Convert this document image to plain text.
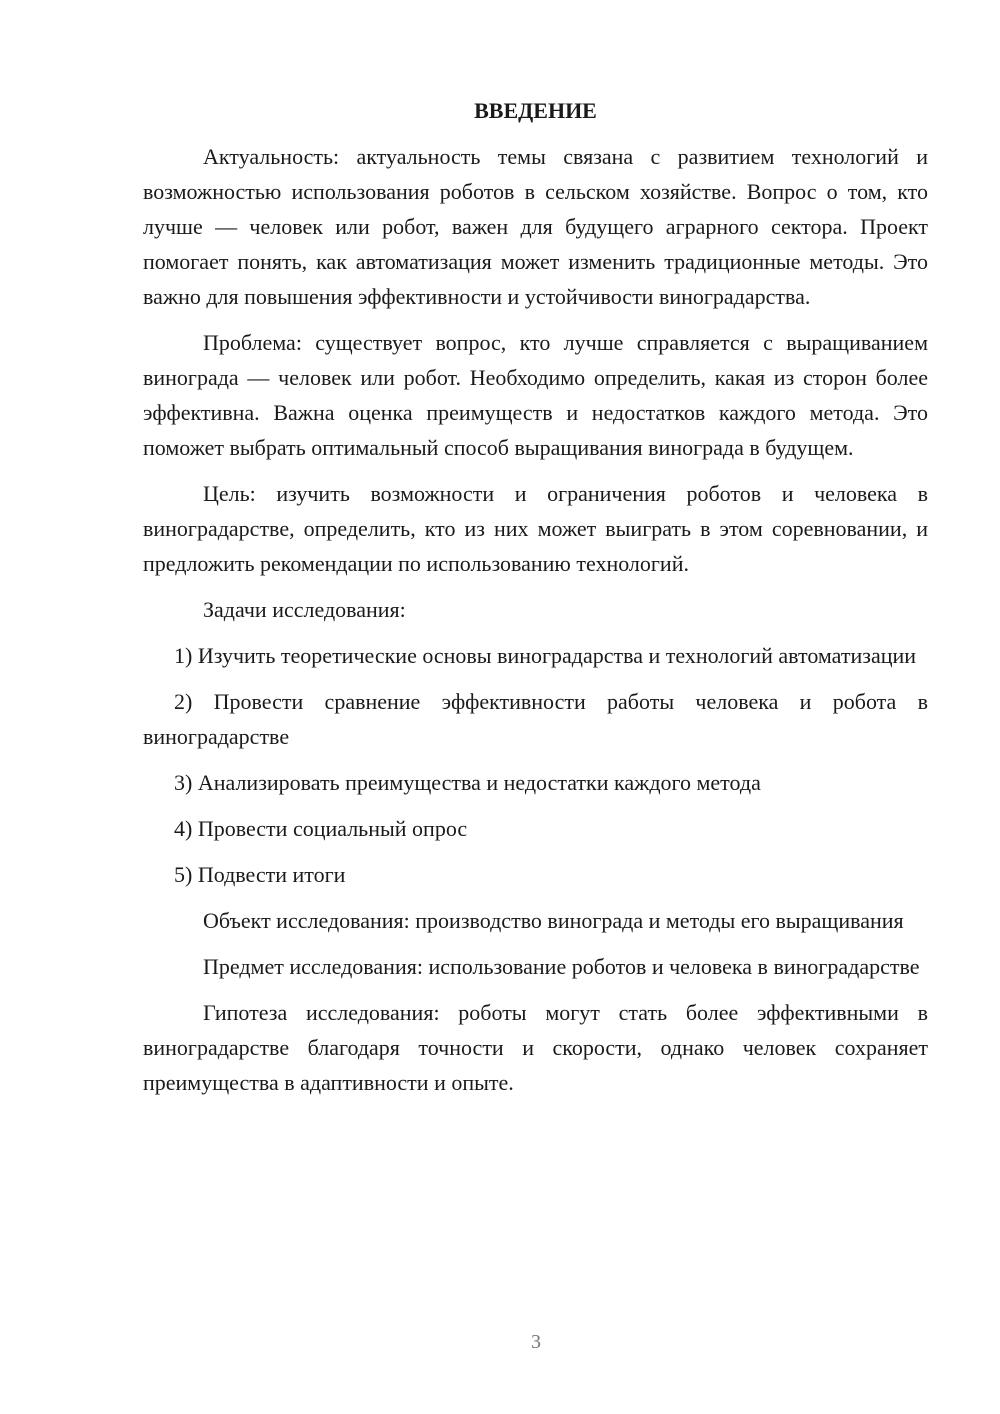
ВВЕДЕНИЕ

Актуальность: актуальность темы связана с развитием технологий и возможностью использования роботов в сельском хозяйстве. Вопрос о том, кто лучше — человек или робот, важен для будущего аграрного сектора. Проект помогает понять, как автоматизация может изменить традиционные методы. Это важно для повышения эффективности и устойчивости виноградарства.

Проблема: существует вопрос, кто лучше справляется с выращиванием винограда — человек или робот. Необходимо определить, какая из сторон более эффективна. Важна оценка преимуществ и недостатков каждого метода. Это поможет выбрать оптимальный способ выращивания винограда в будущем.

Цель: изучить возможности и ограничения роботов и человека в виноградарстве, определить, кто из них может выиграть в этом соревновании, и предложить рекомендации по использованию технологий.

Задачи исследования:

1) Изучить теоретические основы виноградарства и технологий автоматизации

2) Провести сравнение эффективности работы человека и робота в виноградарстве

3) Анализировать преимущества и недостатки каждого метода

4) Провести социальный опрос

5) Подвести итоги

Объект исследования: производство винограда и методы его выращивания

Предмет исследования: использование роботов и человека в виноградарстве

Гипотеза исследования: роботы могут стать более эффективными в виноградарстве благодаря точности и скорости, однако человек сохраняет преимущества в адаптивности и опыте.

3
